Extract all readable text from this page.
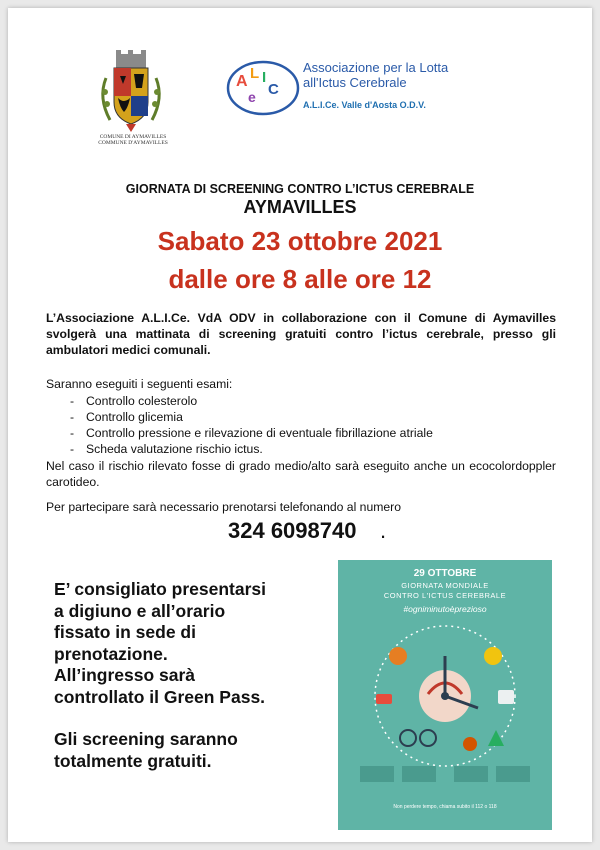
COMUNE DI AYMAVILLES
COMMUNE D'AYMAVILLES
A L I
C
e
Associazione per la Lotta
all'Ictus Cerebrale
A.L.I.Ce. Valle d'Aosta O.D.V.
GIORNATA DI SCREENING CONTRO L’ICTUS CEREBRALE
AYMAVILLES
Sabato 23 ottobre 2021
dalle ore 8 alle ore 12
L’Associazione A.L.I.Ce. VdA ODV in collaborazione con il Comune di Aymavilles svolgerà una mattinata di screening gratuiti contro l’ictus cerebrale, presso gli ambulatori medici comunali.
Saranno eseguiti i seguenti esami:
- Controllo colesterolo
- Controllo glicemia
- Controllo pressione e rilevazione di eventuale fibrillazione atriale
- Scheda valutazione rischio ictus.
Nel caso il rischio rilevato fosse di grado medio/alto sarà eseguito anche un ecocolordoppler carotideo.
Per partecipare sarà necessario prenotarsi telefonando al numero
324 6098740 .

E’ consigliato presentarsi

a digiuno e all’orario

fissato in sede di

prenotazione.

All’ingresso sarà

controllato il Green Pass.

Gli screening saranno

totalmente gratuiti.

29 OTTOBRE
GIORNATA MONDIALE
CONTRO L'ICTUS CEREBRALE
#ogniminutoèprezioso
Non perdere tempo, chiama subito il 112 o 118
